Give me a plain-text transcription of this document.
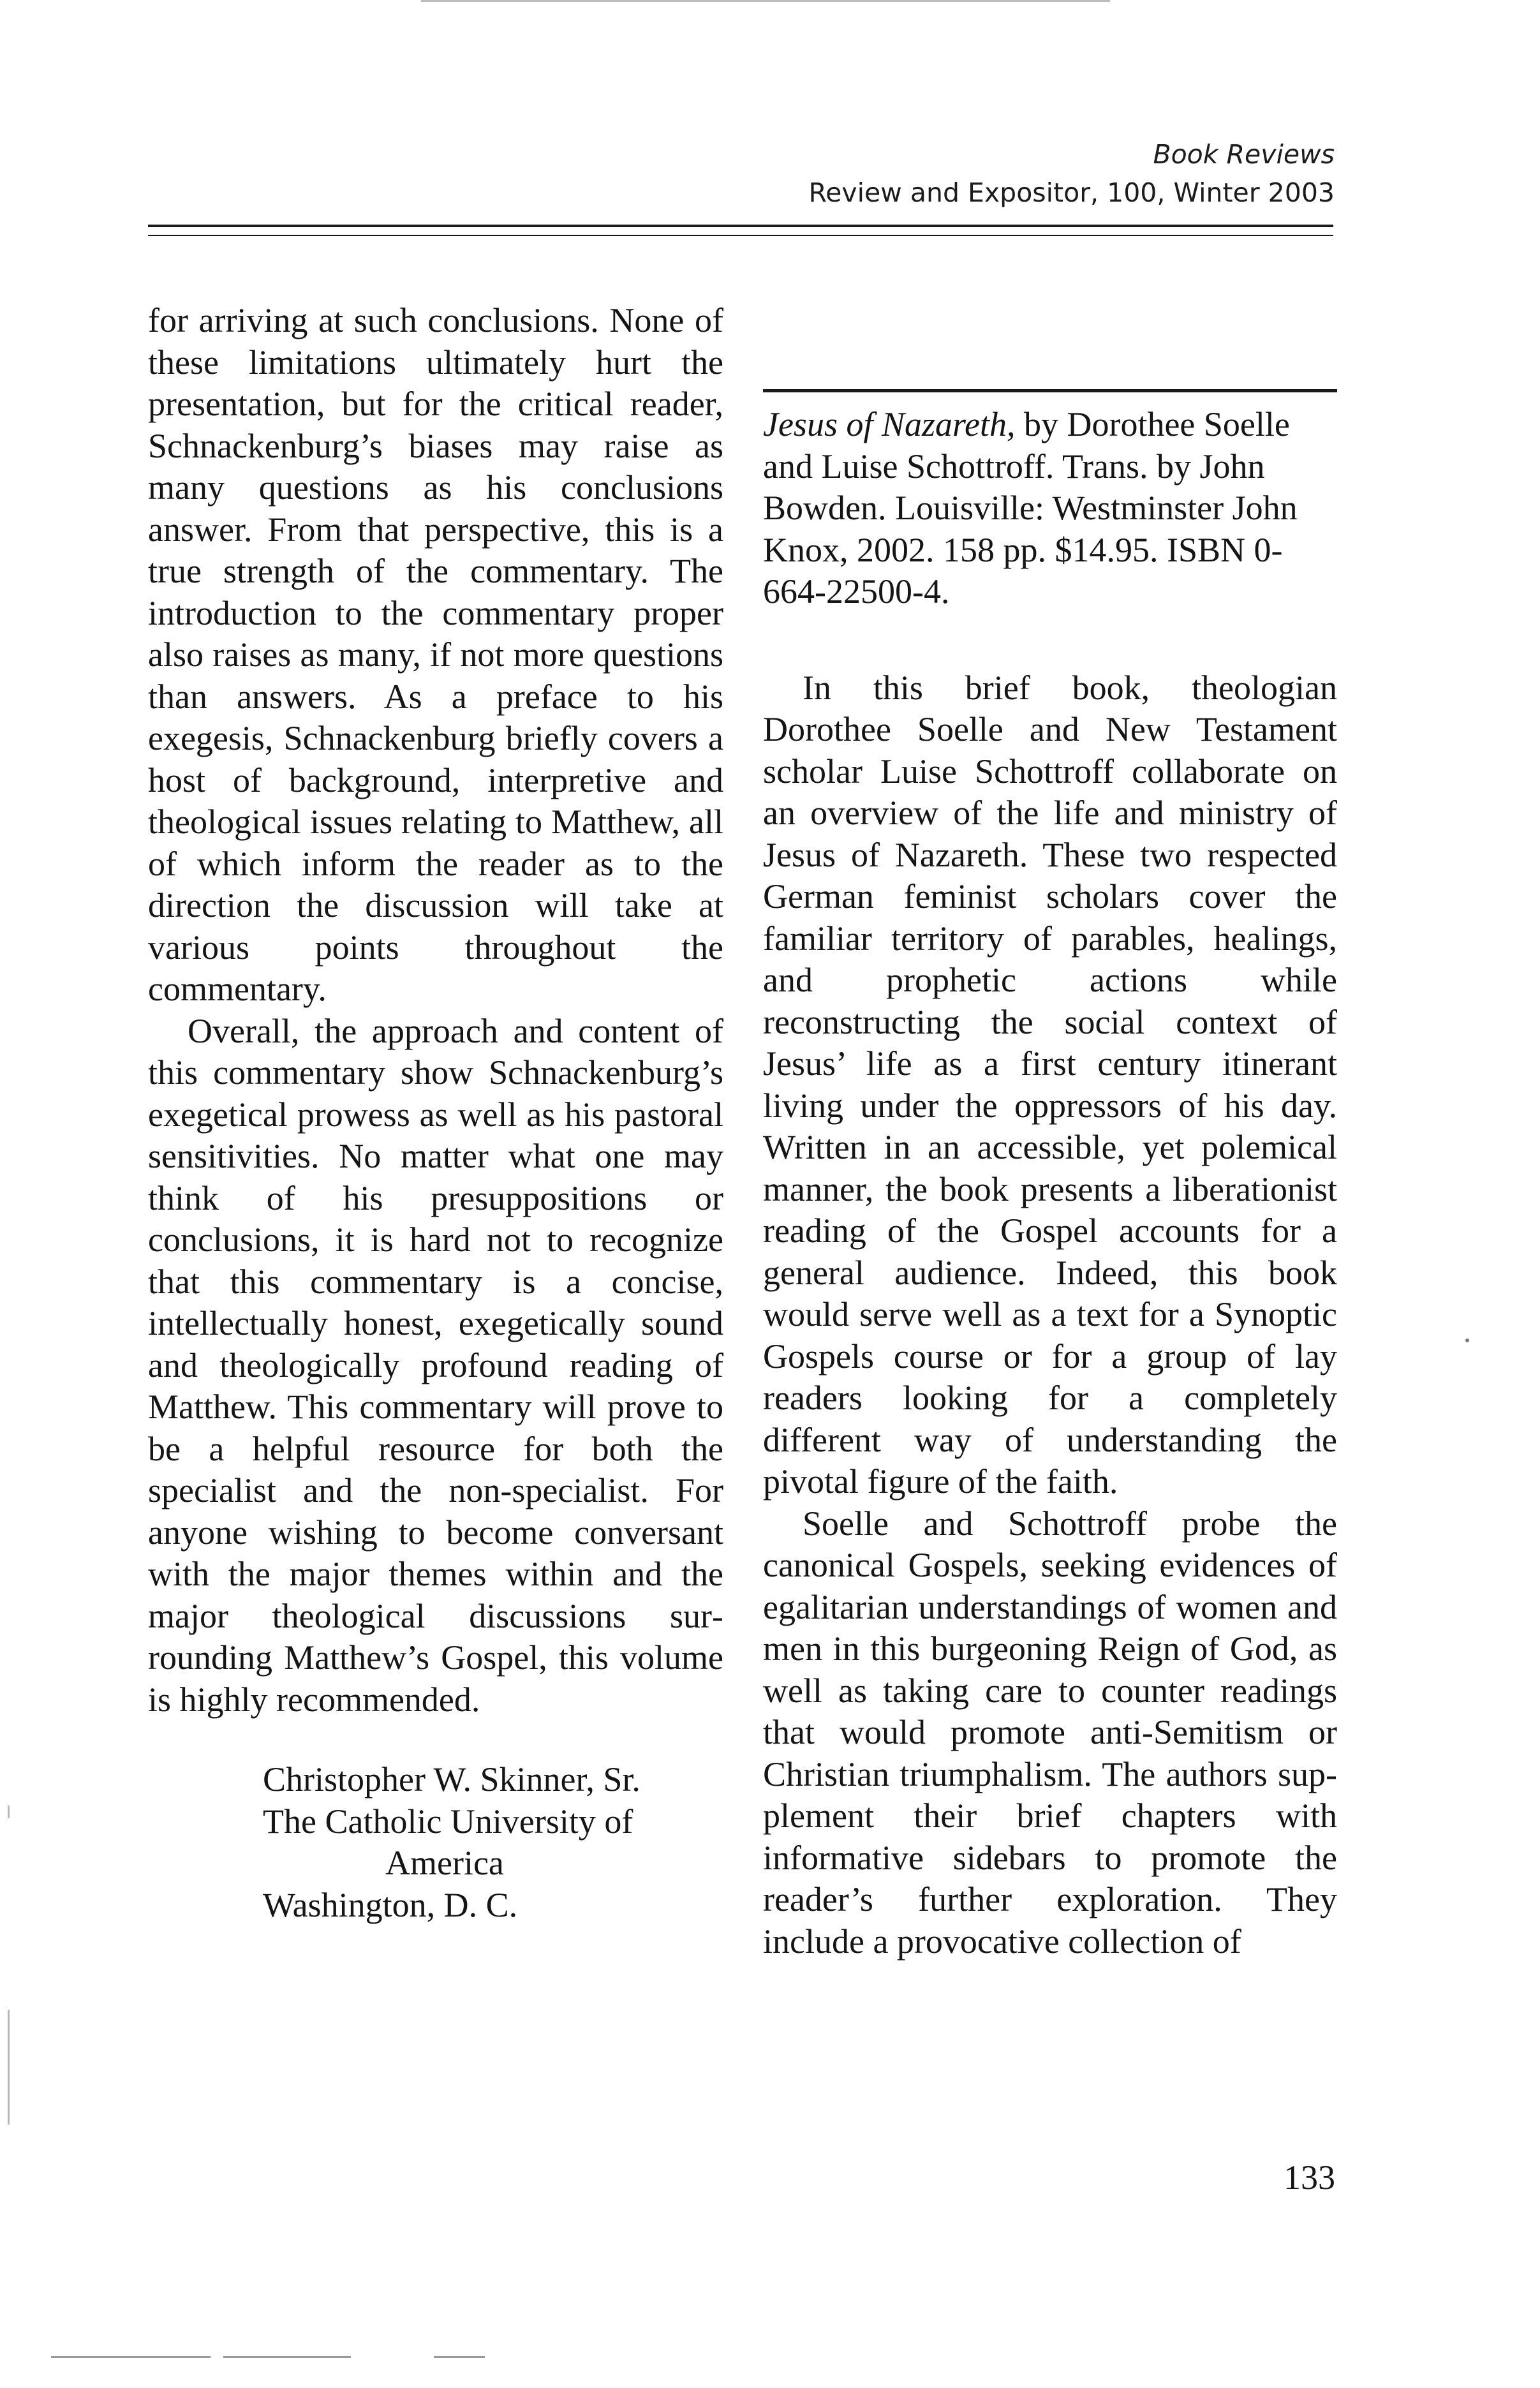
Book Reviews
Review and Expositor, 100, Winter 2003

for arriving at such conclusions. None of these limitations ultimately hurt the presentation, but for the critical reader, Schnackenburg’s biases may raise as many questions as his conclusions answer. From that perspective, this is a true strength of the commentary. The introduction to the commentary proper also raises as many, if not more questions than answers. As a preface to his exegesis, Schnackenburg briefly covers a host of background, interpretive and theological issues relating to Matthew, all of which inform the reader as to the direction the discussion will take at various points throughout the commentary.

Overall, the approach and content of this commentary show Schnackenburg’s exegetical prowess as well as his pastoral sensitivities. No matter what one may think of his presuppositions or conclusions, it is hard not to recognize that this commentary is a concise, intellectually honest, exegetically sound and theologically profound reading of Matthew. This commentary will prove to be a helpful resource for both the specialist and the non-specialist. For anyone wishing to become conversant with the major themes within and the major theological discussions surrounding Matthew’s Gospel, this volume is highly recommended.

Christopher W. Skinner, Sr.
The Catholic University of
America
Washington, D. C.

Jesus of Nazareth, by Dorothee Soelle and Luise Schottroff. Trans. by John Bowden. Louisville: Westminster John Knox, 2002. 158 pp. $14.95. ISBN 0-664-22500-4.

In this brief book, theologian Dorothee Soelle and New Testament scholar Luise Schottroff collaborate on an overview of the life and ministry of Jesus of Nazareth. These two respected German feminist scholars cover the familiar territory of parables, healings, and prophetic actions while reconstructing the social context of Jesus’ life as a first century itinerant living under the oppressors of his day. Written in an accessible, yet polemical manner, the book presents a liberationist reading of the Gospel accounts for a general audience. Indeed, this book would serve well as a text for a Synoptic Gospels course or for a group of lay readers looking for a completely different way of understanding the pivotal figure of the faith.

Soelle and Schottroff probe the canonical Gospels, seeking evidences of egalitarian understandings of women and men in this burgeoning Reign of God, as well as taking care to counter readings that would promote anti-Semitism or Christian triumphalism. The authors supplement their brief chapters with informative sidebars to promote the reader’s further exploration. They include a provocative collection of

133
